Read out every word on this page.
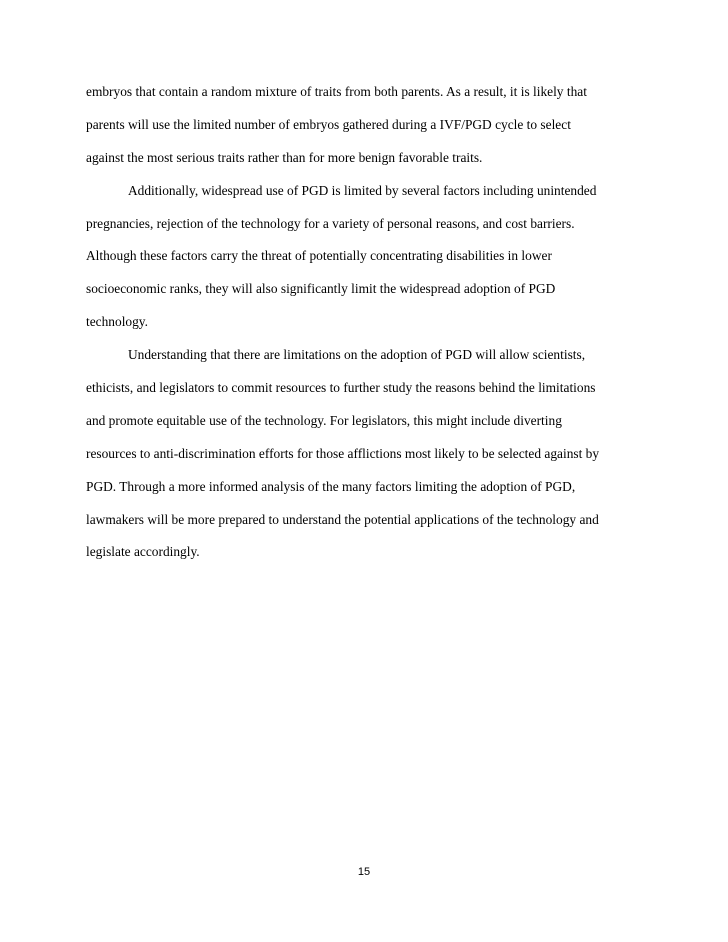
embryos that contain a random mixture of traits from both parents. As a result, it is likely that
parents will use the limited number of embryos gathered during a IVF/PGD cycle to select
against the most serious traits rather than for more benign favorable traits.
Additionally, widespread use of PGD is limited by several factors including unintended
pregnancies, rejection of the technology for a variety of personal reasons, and cost barriers.
Although these factors carry the threat of potentially concentrating disabilities in lower
socioeconomic ranks, they will also significantly limit the widespread adoption of PGD
technology.
Understanding that there are limitations on the adoption of PGD will allow scientists,
ethicists, and legislators to commit resources to further study the reasons behind the limitations
and promote equitable use of the technology. For legislators, this might include diverting
resources to anti-discrimination efforts for those afflictions most likely to be selected against by
PGD. Through a more informed analysis of the many factors limiting the adoption of PGD,
lawmakers will be more prepared to understand the potential applications of the technology and
legislate accordingly.
15
